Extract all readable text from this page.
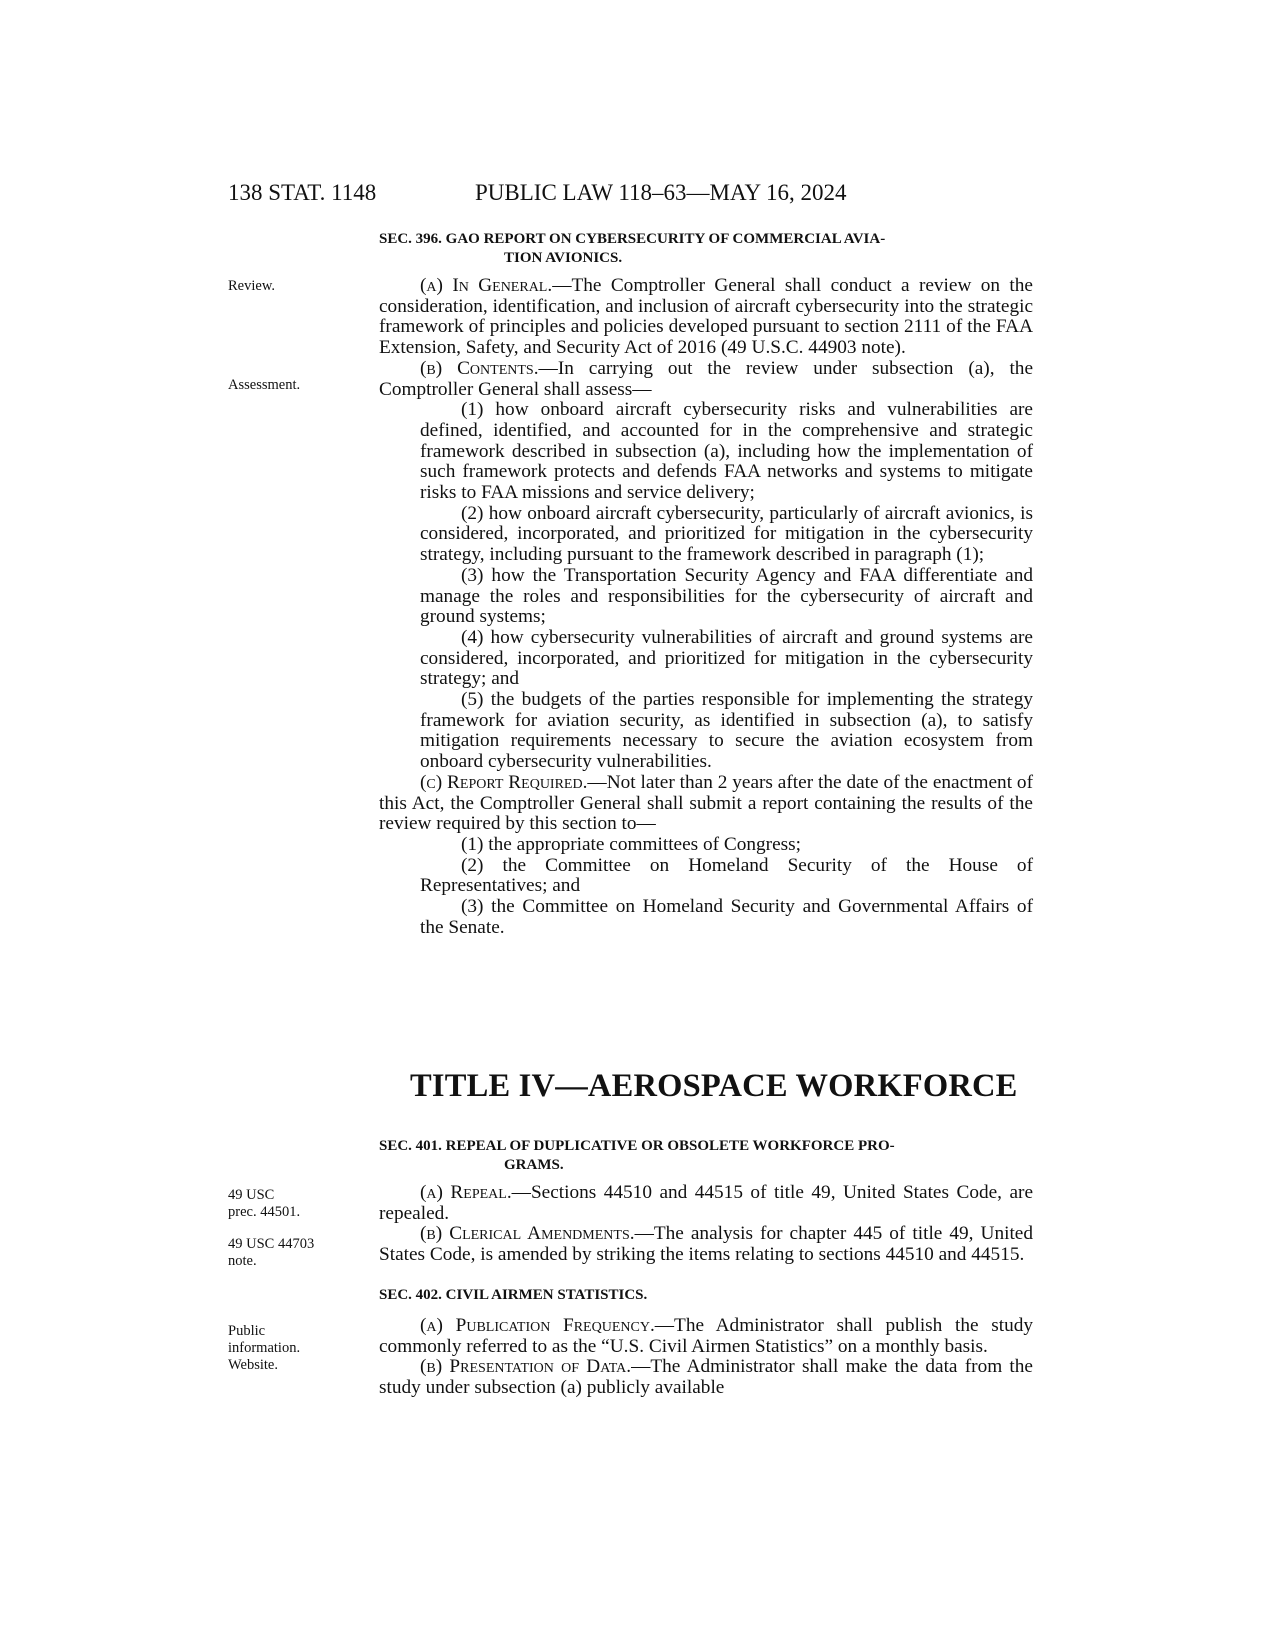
138 STAT. 1148	PUBLIC LAW 118–63—MAY 16, 2024
Review.
Assessment.
49 USC
prec. 44501.
49 USC 44703
note.
Public
information.
Website.
SEC. 396. GAO REPORT ON CYBERSECURITY OF COMMERCIAL AVIA-
TION AVIONICS.

(a) In General.—The Comptroller General shall conduct a review on the consideration, identification, and inclusion of aircraft cybersecurity into the strategic framework of principles and policies developed pursuant to section 2111 of the FAA Extension, Safety, and Security Act of 2016 (49 U.S.C. 44903 note).

(b) Contents.—In carrying out the review under subsection (a), the Comptroller General shall assess—

(1) how onboard aircraft cybersecurity risks and vulnerabilities are defined, identified, and accounted for in the comprehensive and strategic framework described in subsection (a), including how the implementation of such framework protects and defends FAA networks and systems to mitigate risks to FAA missions and service delivery;

(2) how onboard aircraft cybersecurity, particularly of aircraft avionics, is considered, incorporated, and prioritized for mitigation in the cybersecurity strategy, including pursuant to the framework described in paragraph (1);

(3) how the Transportation Security Agency and FAA differentiate and manage the roles and responsibilities for the cybersecurity of aircraft and ground systems;

(4) how cybersecurity vulnerabilities of aircraft and ground systems are considered, incorporated, and prioritized for mitigation in the cybersecurity strategy; and

(5) the budgets of the parties responsible for implementing the strategy framework for aviation security, as identified in subsection (a), to satisfy mitigation requirements necessary to secure the aviation ecosystem from onboard cybersecurity vulnerabilities.

(c) Report Required.—Not later than 2 years after the date of the enactment of this Act, the Comptroller General shall submit a report containing the results of the review required by this section to—

(1) the appropriate committees of Congress;

(2) the Committee on Homeland Security of the House of Representatives; and

(3) the Committee on Homeland Security and Governmental Affairs of the Senate.

TITLE IV—AEROSPACE WORKFORCE
SEC. 401. REPEAL OF DUPLICATIVE OR OBSOLETE WORKFORCE PRO-
GRAMS.

(a) Repeal.—Sections 44510 and 44515 of title 49, United States Code, are repealed.

(b) Clerical Amendments.—The analysis for chapter 445 of title 49, United States Code, is amended by striking the items relating to sections 44510 and 44515.

SEC. 402. CIVIL AIRMEN STATISTICS.

(a) Publication Frequency.—The Administrator shall publish the study commonly referred to as the “U.S. Civil Airmen Statistics” on a monthly basis.

(b) Presentation of Data.—The Administrator shall make the data from the study under subsection (a) publicly available
